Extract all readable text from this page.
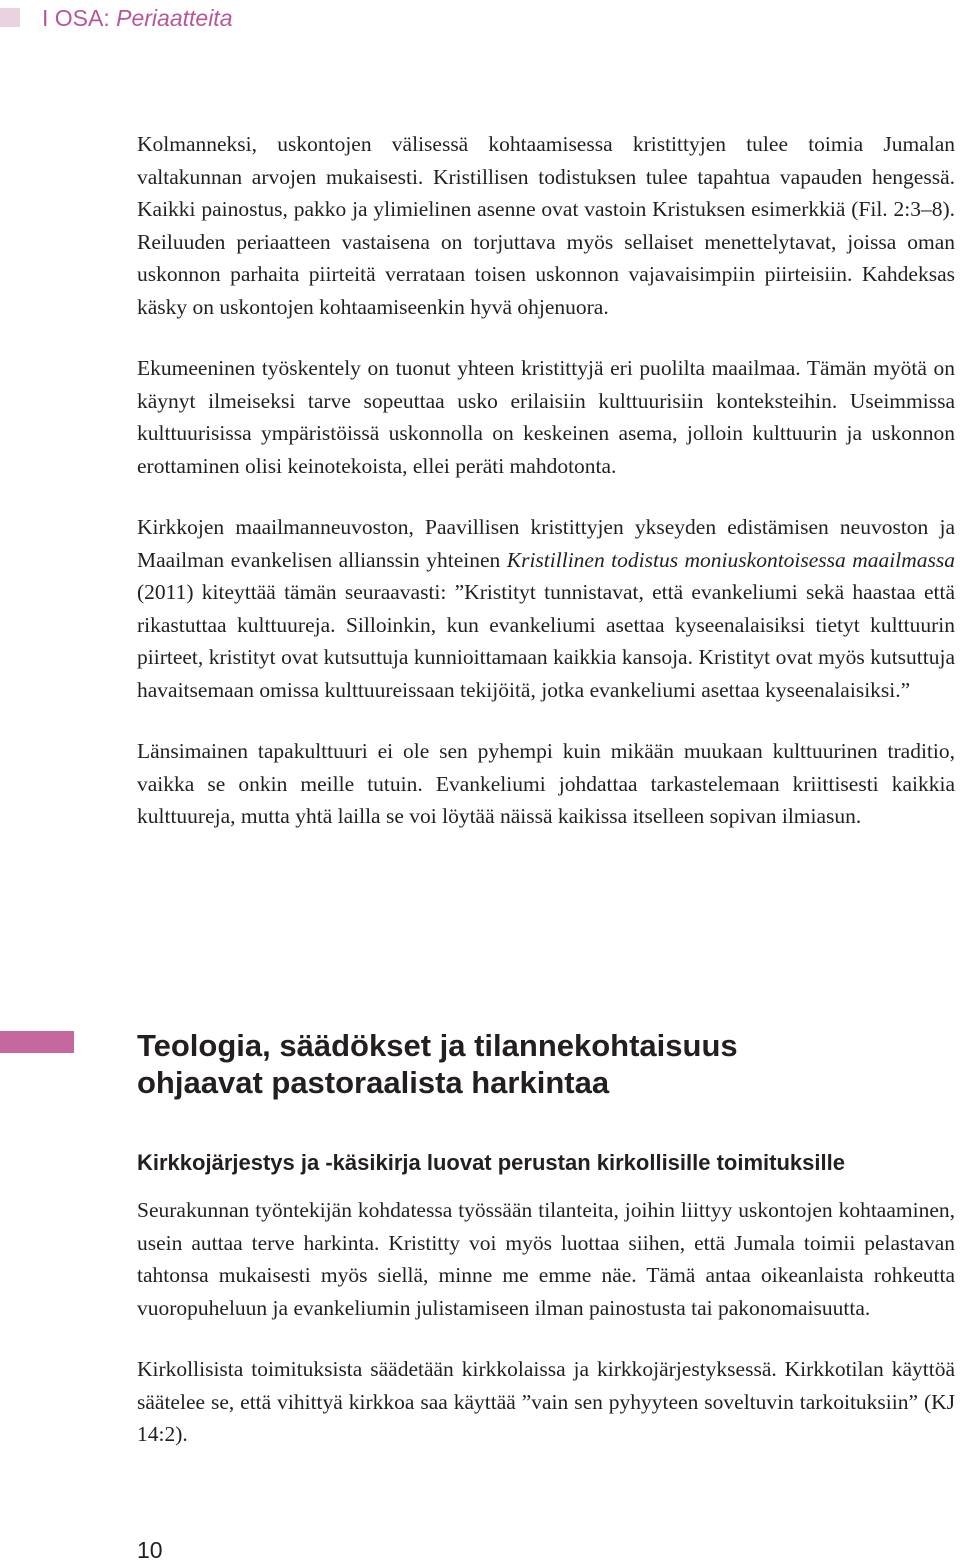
I OSA: Periaatteita

Kolmanneksi, uskontojen välisessä kohtaamisessa kristittyjen tulee toimia Jumalan valtakunnan arvojen mukaisesti. Kristillisen todistuksen tulee tapahtua vapauden hengessä. Kaikki painostus, pakko ja ylimielinen asenne ovat vastoin Kristuksen esimerkkiä (Fil. 2:3–8). Reiluuden periaatteen vastaisena on torjuttava myös sellaiset menettelytavat, joissa oman uskonnon parhaita piirteitä verrataan toisen uskonnon vajavaisimpiin piirteisiin. Kahdeksas käsky on uskontojen kohtaamiseenkin hyvä ohjenuora.

Ekumeeninen työskentely on tuonut yhteen kristittyjä eri puolilta maailmaa. Tämän myötä on käynyt ilmeiseksi tarve sopeuttaa usko erilaisiin kulttuurisiin konteksteihin. Useimmissa kulttuurisissa ympäristöissä uskonnolla on keskeinen asema, jolloin kulttuurin ja uskonnon erottaminen olisi keinotekoista, ellei peräti mahdotonta.

Kirkkojen maailmanneuvoston, Paavillisen kristittyjen ykseyden edistämisen neuvoston ja Maailman evankelisen allianssin yhteinen Kristillinen todistus moniuskontoisessa maailmassa (2011) kiteyttää tämän seuraavasti: ”Kristityt tunnistavat, että evankeliumi sekä haastaa että rikastuttaa kulttuureja. Silloinkin, kun evankeliumi asettaa kyseenalaisiksi tietyt kulttuurin piirteet, kristityt ovat kutsuttuja kunnioittamaan kaikkia kansoja. Kristityt ovat myös kutsuttuja havaitsemaan omissa kulttuureissaan tekijöitä, jotka evankeliumi asettaa kyseenalaisiksi.”

Länsimainen tapakulttuuri ei ole sen pyhempi kuin mikään muukaan kulttuurinen traditio, vaikka se onkin meille tutuin. Evankeliumi johdattaa tarkastelemaan kriittisesti kaikkia kulttuureja, mutta yhtä lailla se voi löytää näissä kaikissa itselleen sopivan ilmiasun.

Teologia, säädökset ja tilannekohtaisuus
ohjaavat pastoraalista harkintaa
Kirkkojärjestys ja -käsikirja luovat perustan kirkollisille toimituksille

Seurakunnan työntekijän kohdatessa työssään tilanteita, joihin liittyy uskontojen kohtaaminen, usein auttaa terve harkinta. Kristitty voi myös luottaa siihen, että Jumala toimii pelastavan tahtonsa mukaisesti myös siellä, minne me emme näe. Tämä antaa oikeanlaista rohkeutta vuoropuheluun ja evankeliumin julistamiseen ilman painostusta tai pakonomaisuutta.

Kirkollisista toimituksista säädetään kirkkolaissa ja kirkkojärjestyksessä. Kirkkotilan käyttöä säätelee se, että vihittyä kirkkoa saa käyttää ”vain sen pyhyyteen soveltuvin tarkoituksiin” (KJ 14:2).

10
